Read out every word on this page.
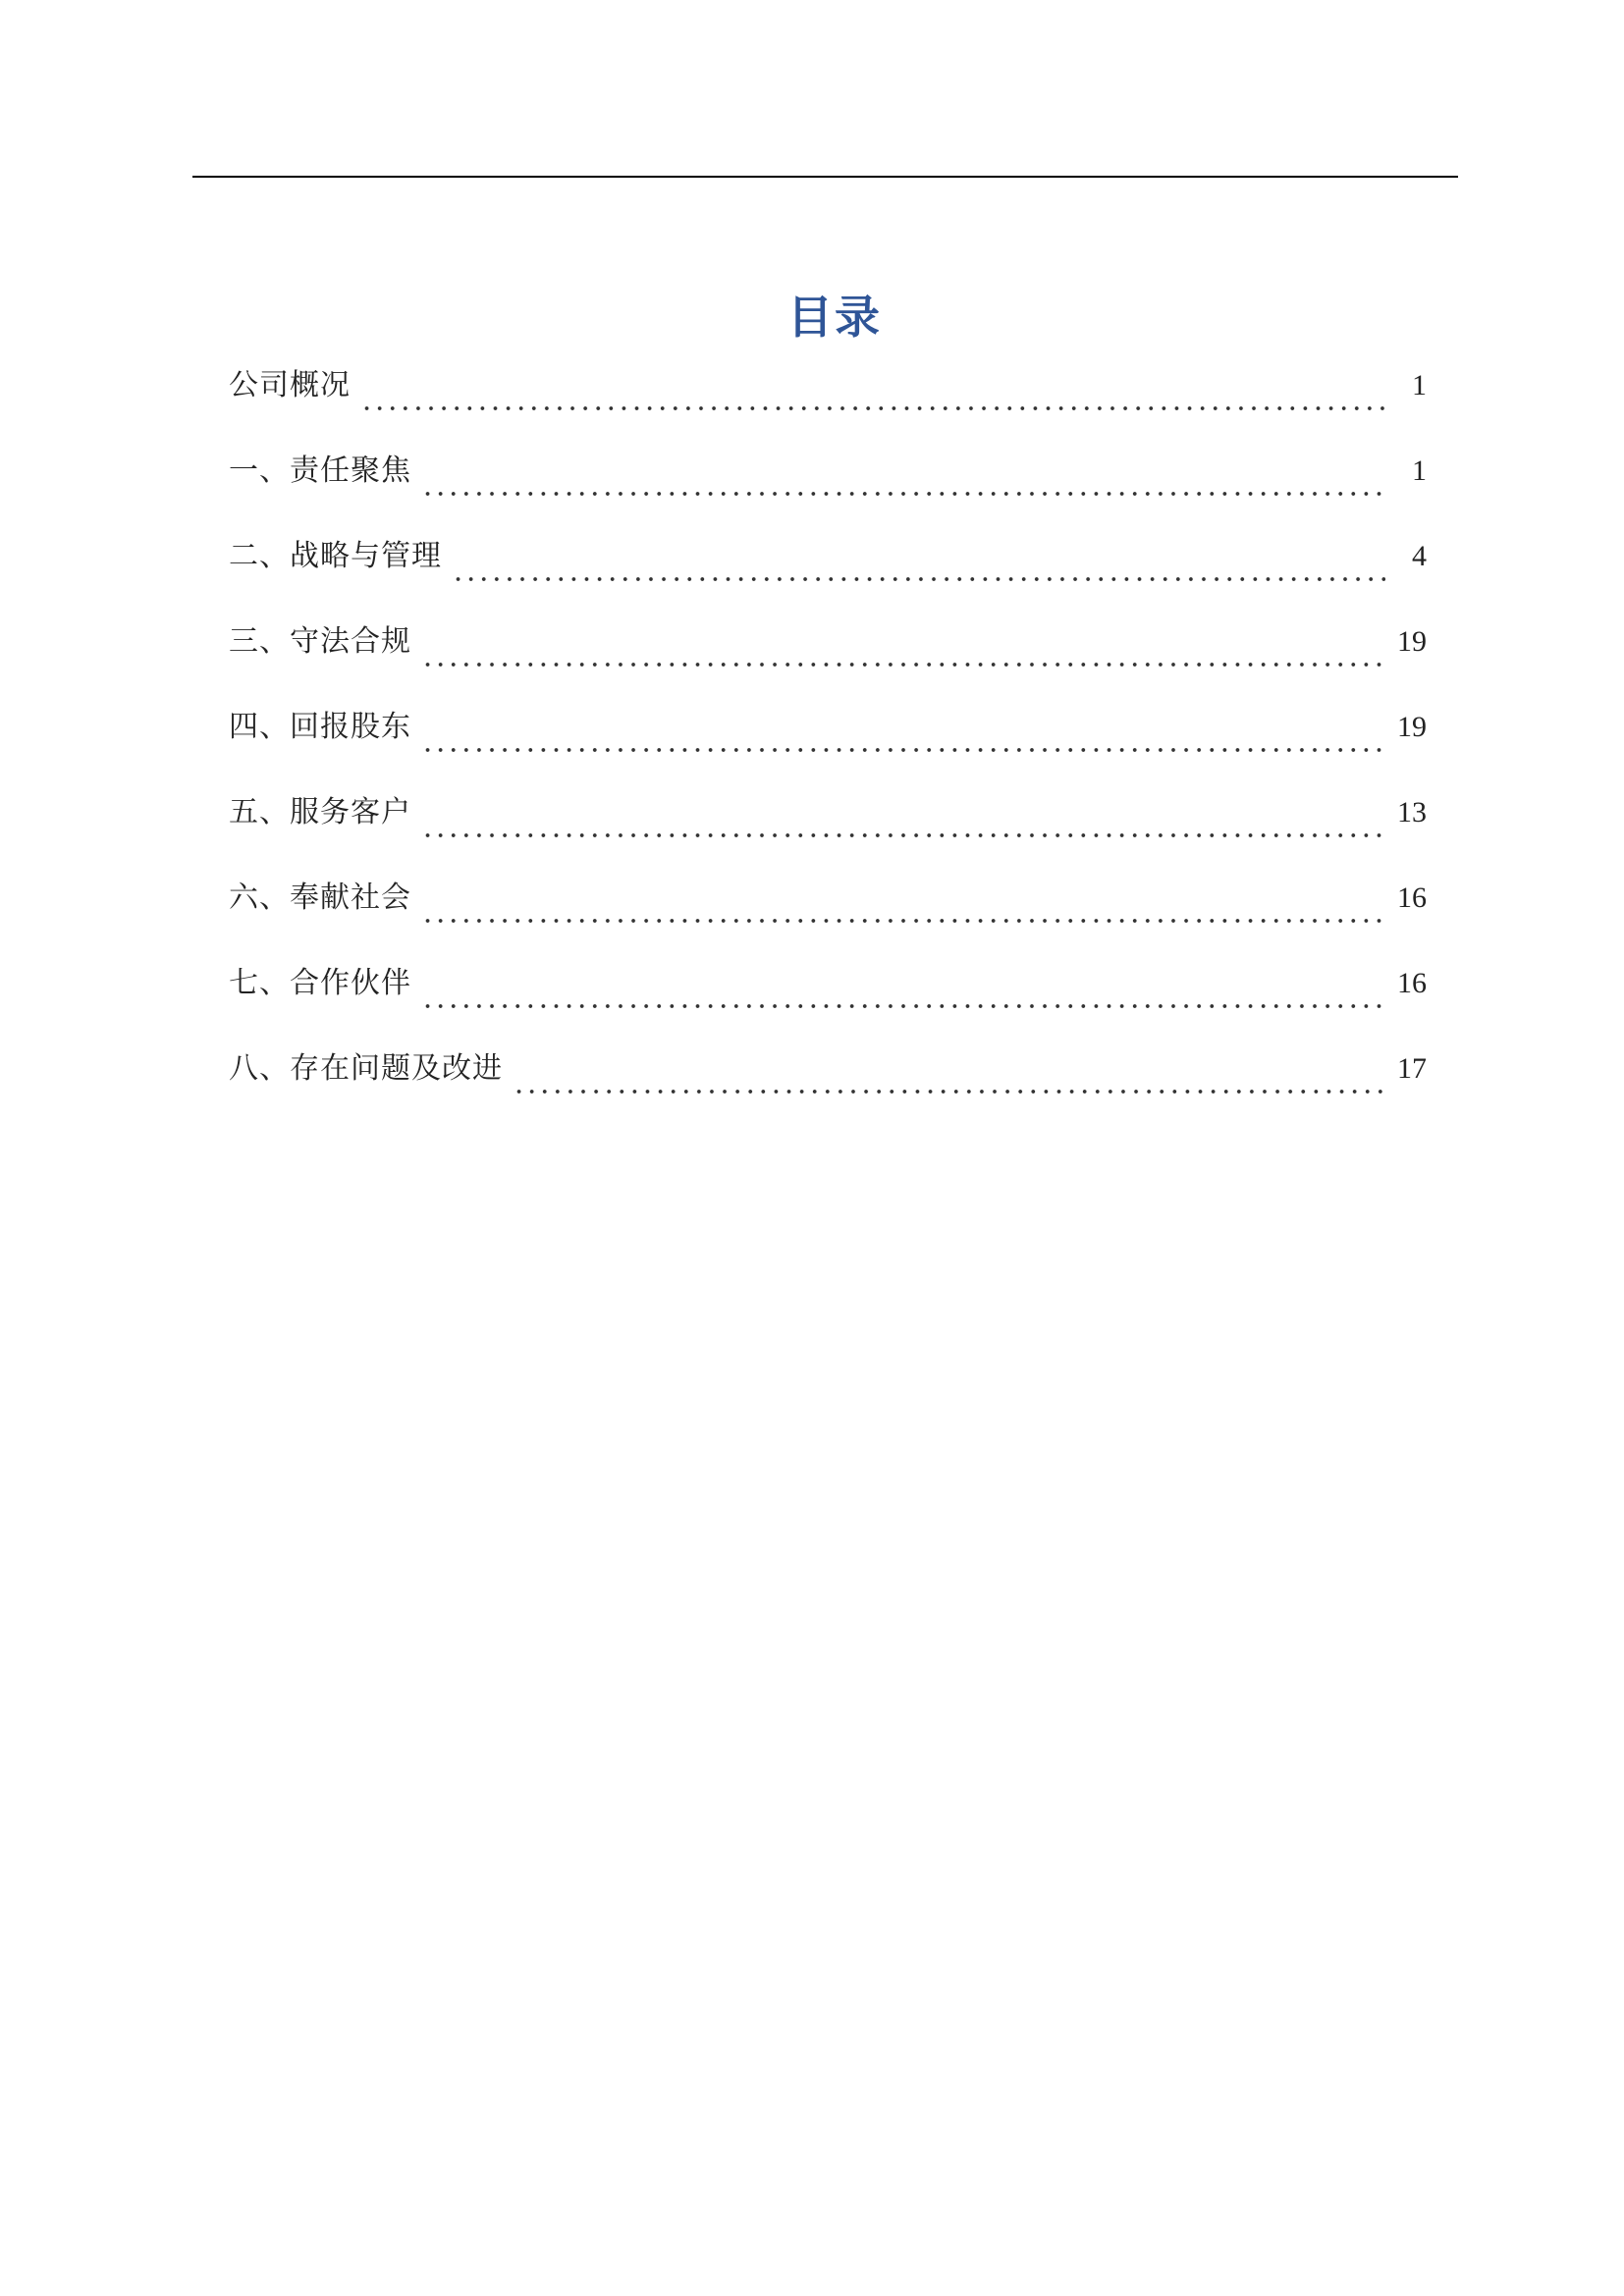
目录
公司概况	1
一、责任聚焦	1
二、战略与管理	4
三、守法合规	19
四、回报股东	19
五、服务客户	13
六、奉献社会	16
七、合作伙伴	16
八、存在问题及改进	17
